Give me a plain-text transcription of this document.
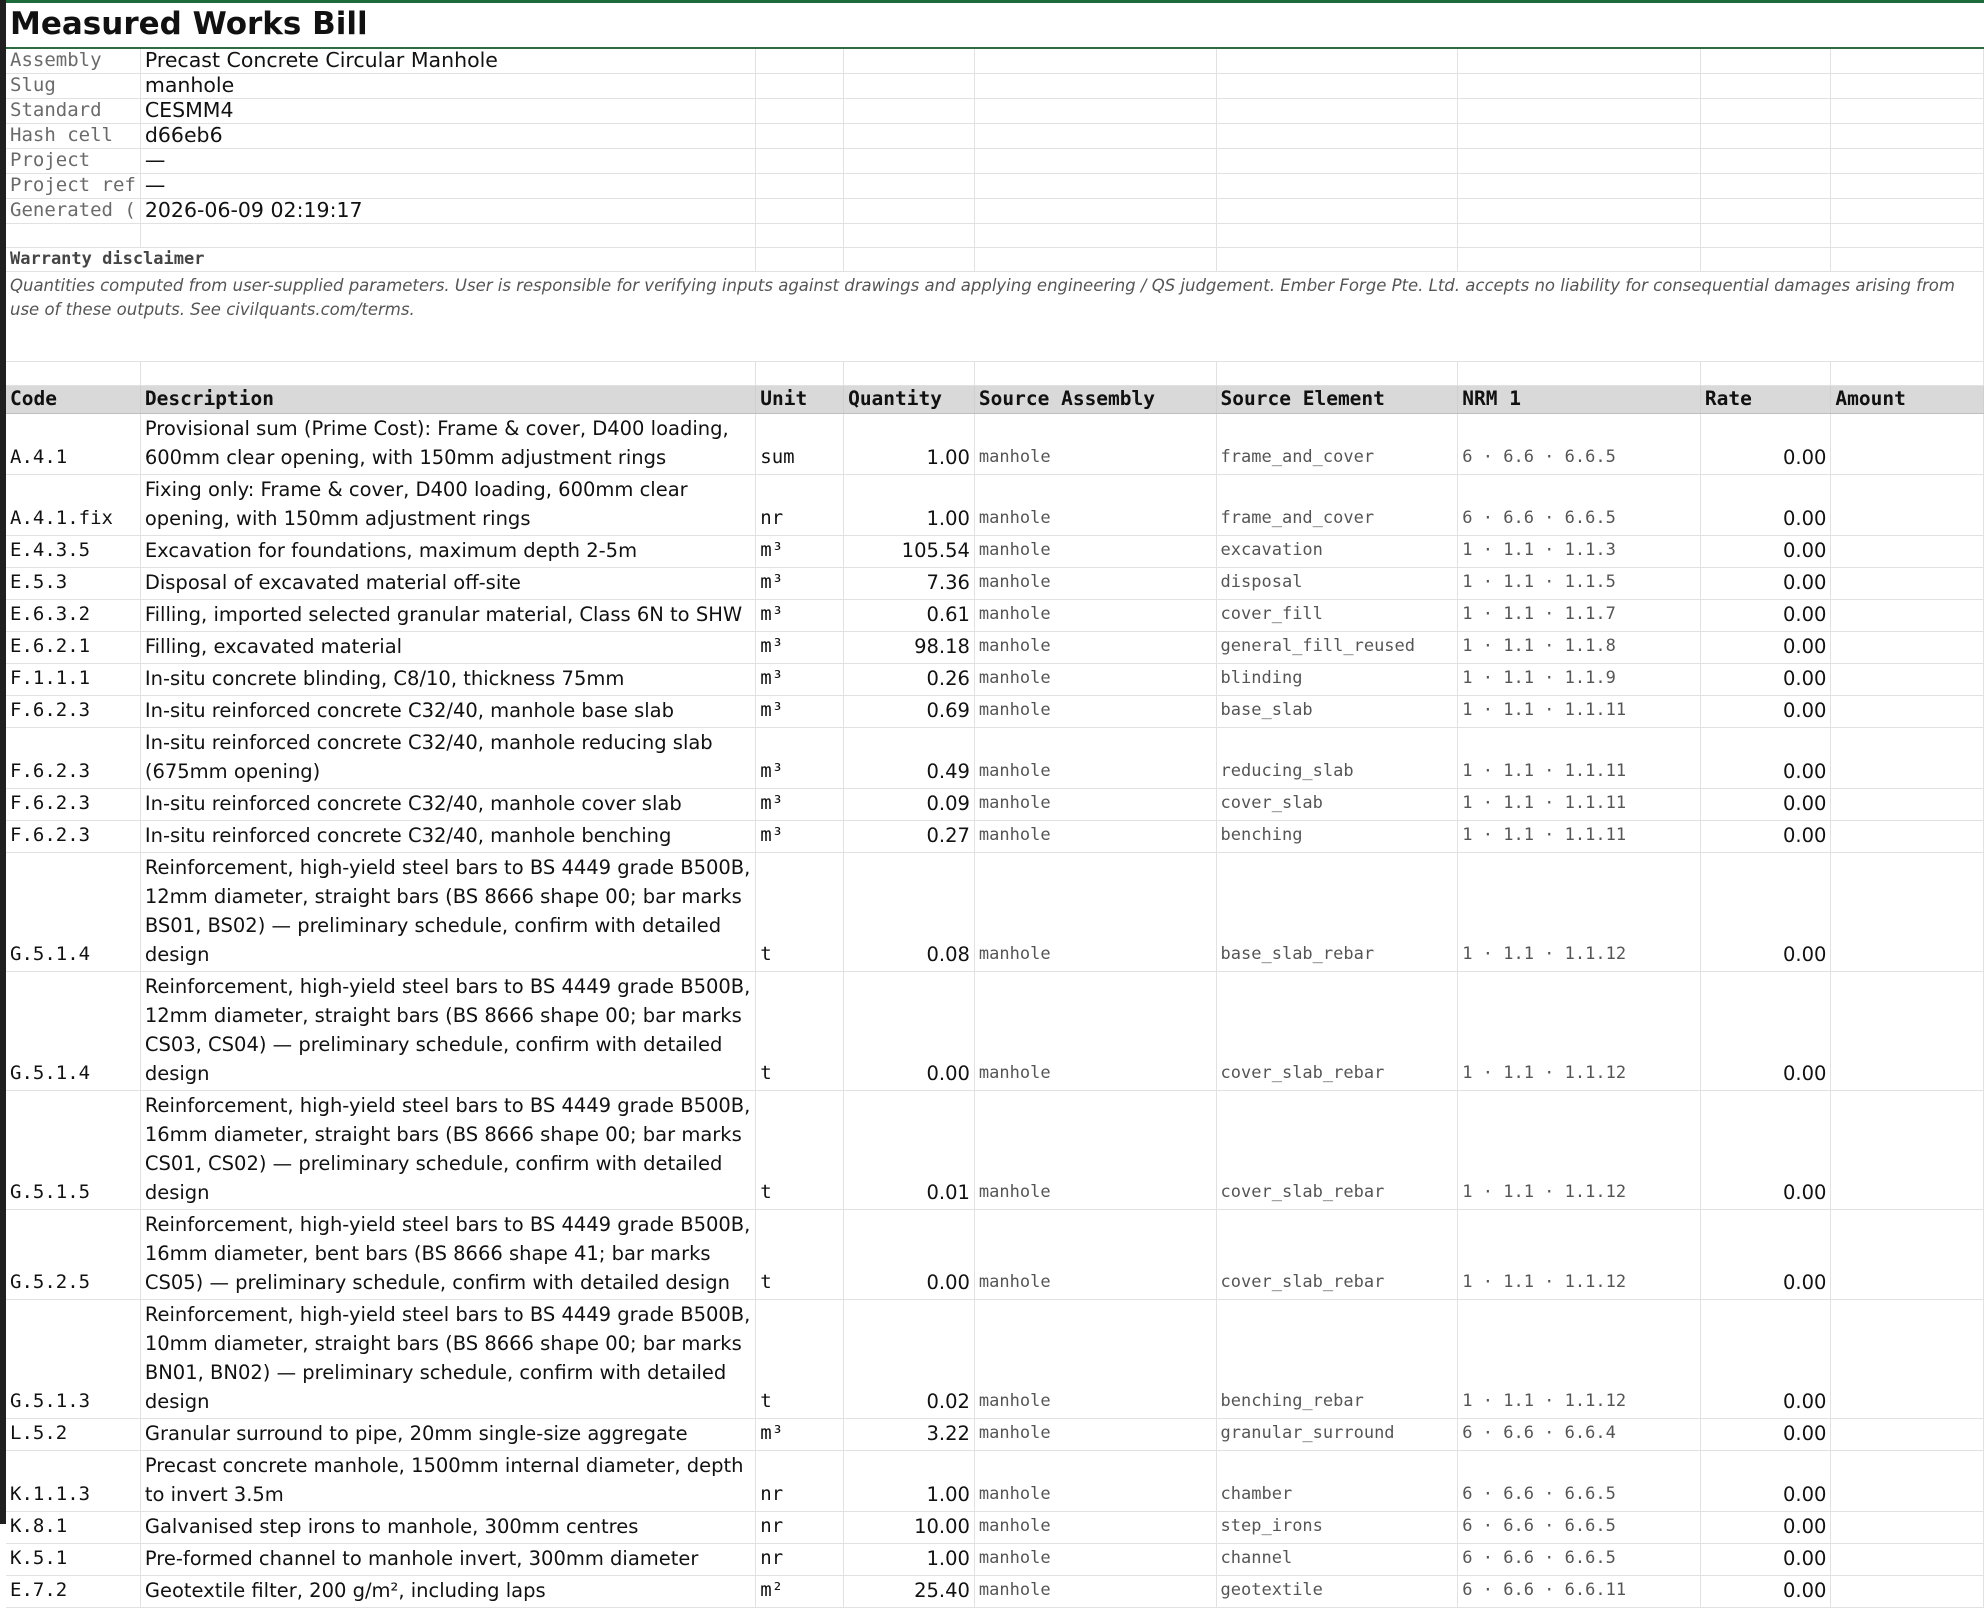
Measured Works Bill								
Assembly	Precast Concrete Circular Manhole							
Slug	manhole							
Standard	CESMM4							
Hash cell	d66eb6							
Project	—							
Project ref	—							
Generated (	2026-06-09 02:19:17							

Warranty disclaimer								
Quantities computed from user-supplied parameters. User is responsible for verifying inputs against drawings and applying engineering / QS judgement. Ember Forge Pte. Ltd. accepts no liability for consequential damages arising from use of these outputs. See civilquants.com/terms.								

Code	Description	Unit	Quantity	Source Assembly	Source Element	NRM 1	Rate	Amount
A.4.1	Provisional sum (Prime Cost): Frame & cover, D400 loading, 600mm clear opening, with 150mm adjustment rings	sum	1.00	manhole	frame_and_cover	6 · 6.6 · 6.6.5	0.00	
A.4.1.fix	Fixing only: Frame & cover, D400 loading, 600mm clear opening, with 150mm adjustment rings	nr	1.00	manhole	frame_and_cover	6 · 6.6 · 6.6.5	0.00	
E.4.3.5	Excavation for foundations, maximum depth 2-5m	m³	105.54	manhole	excavation	1 · 1.1 · 1.1.3	0.00	
E.5.3	Disposal of excavated material off-site	m³	7.36	manhole	disposal	1 · 1.1 · 1.1.5	0.00	
E.6.3.2	Filling, imported selected granular material, Class 6N to SHW	m³	0.61	manhole	cover_fill	1 · 1.1 · 1.1.7	0.00	
E.6.2.1	Filling, excavated material	m³	98.18	manhole	general_fill_reused	1 · 1.1 · 1.1.8	0.00	
F.1.1.1	In-situ concrete blinding, C8/10, thickness 75mm	m³	0.26	manhole	blinding	1 · 1.1 · 1.1.9	0.00	
F.6.2.3	In-situ reinforced concrete C32/40, manhole base slab	m³	0.69	manhole	base_slab	1 · 1.1 · 1.1.11	0.00	
F.6.2.3	In-situ reinforced concrete C32/40, manhole reducing slab (675mm opening)	m³	0.49	manhole	reducing_slab	1 · 1.1 · 1.1.11	0.00	
F.6.2.3	In-situ reinforced concrete C32/40, manhole cover slab	m³	0.09	manhole	cover_slab	1 · 1.1 · 1.1.11	0.00	
F.6.2.3	In-situ reinforced concrete C32/40, manhole benching	m³	0.27	manhole	benching	1 · 1.1 · 1.1.11	0.00	
G.5.1.4	Reinforcement, high-yield steel bars to BS 4449 grade B500B, 12mm diameter, straight bars (BS 8666 shape 00; bar marks BS01, BS02) — preliminary schedule, confirm with detailed design	t	0.08	manhole	base_slab_rebar	1 · 1.1 · 1.1.12	0.00	
G.5.1.4	Reinforcement, high-yield steel bars to BS 4449 grade B500B, 12mm diameter, straight bars (BS 8666 shape 00; bar marks CS03, CS04) — preliminary schedule, confirm with detailed design	t	0.00	manhole	cover_slab_rebar	1 · 1.1 · 1.1.12	0.00	
G.5.1.5	Reinforcement, high-yield steel bars to BS 4449 grade B500B, 16mm diameter, straight bars (BS 8666 shape 00; bar marks CS01, CS02) — preliminary schedule, confirm with detailed design	t	0.01	manhole	cover_slab_rebar	1 · 1.1 · 1.1.12	0.00	
G.5.2.5	Reinforcement, high-yield steel bars to BS 4449 grade B500B, 16mm diameter, bent bars (BS 8666 shape 41; bar marks CS05) — preliminary schedule, confirm with detailed design	t	0.00	manhole	cover_slab_rebar	1 · 1.1 · 1.1.12	0.00	
G.5.1.3	Reinforcement, high-yield steel bars to BS 4449 grade B500B, 10mm diameter, straight bars (BS 8666 shape 00; bar marks BN01, BN02) — preliminary schedule, confirm with detailed design	t	0.02	manhole	benching_rebar	1 · 1.1 · 1.1.12	0.00	
L.5.2	Granular surround to pipe, 20mm single-size aggregate	m³	3.22	manhole	granular_surround	6 · 6.6 · 6.6.4	0.00	
K.1.1.3	Precast concrete manhole, 1500mm internal diameter, depth to invert 3.5m	nr	1.00	manhole	chamber	6 · 6.6 · 6.6.5	0.00	
K.8.1	Galvanised step irons to manhole, 300mm centres	nr	10.00	manhole	step_irons	6 · 6.6 · 6.6.5	0.00	
K.5.1	Pre-formed channel to manhole invert, 300mm diameter	nr	1.00	manhole	channel	6 · 6.6 · 6.6.5	0.00	
E.7.2	Geotextile filter, 200 g/m², including laps	m²	25.40	manhole	geotextile	6 · 6.6 · 6.6.11	0.00	
